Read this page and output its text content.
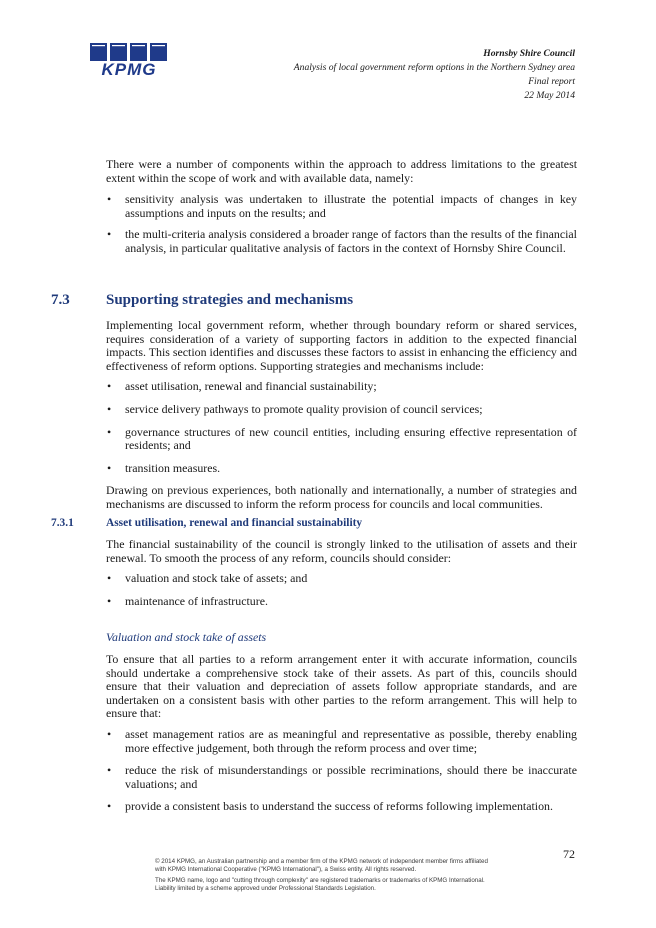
KPMG
Hornsby Shire Council
Analysis of local government reform options in the Northern Sydney area
Final report
22 May 2014

There were a number of components within the approach to address limitations to the greatest extent within the scope of work and with available data, namely:

• sensitivity analysis was undertaken to illustrate the potential impacts of changes in key assumptions and inputs on the results; and
• the multi-criteria analysis considered a broader range of factors than the results of the financial analysis, in particular qualitative analysis of factors in the context of Hornsby Shire Council.
7.3 Supporting strategies and mechanisms

Implementing local government reform, whether through boundary reform or shared services, requires consideration of a variety of supporting factors in addition to the expected financial impacts. This section identifies and discusses these factors to assist in enhancing the efficiency and effectiveness of reform options. Supporting strategies and mechanisms include:

• asset utilisation, renewal and financial sustainability;
• service delivery pathways to promote quality provision of council services;
• governance structures of new council entities, including ensuring effective representation of residents; and
• transition measures.

Drawing on previous experiences, both nationally and internationally, a number of strategies and mechanisms are discussed to inform the reform process for councils and local communities.

7.3.1	Asset utilisation, renewal and financial sustainability

The financial sustainability of the council is strongly linked to the utilisation of assets and their renewal. To smooth the process of any reform, councils should consider:

• valuation and stock take of assets; and
• maintenance of infrastructure.
Valuation and stock take of assets

To ensure that all parties to a reform arrangement enter it with accurate information, councils should undertake a comprehensive stock take of their assets. As part of this, councils should ensure that their valuation and depreciation of assets follow appropriate standards, and are undertaken on a consistent basis with other parties to the reform arrangement. This will help to ensure that:

• asset management ratios are as meaningful and representative as possible, thereby enabling more effective judgement, both through the reform process and over time;
• reduce the risk of misunderstandings or possible recriminations, should there be inaccurate valuations; and
• provide a consistent basis to understand the success of reforms following implementation.
72
© 2014 KPMG, an Australian partnership and a member firm of the KPMG network of independent member firms affiliated
with KPMG International Cooperative ("KPMG International"), a Swiss entity. All rights reserved.
The KPMG name, logo and "cutting through complexity" are registered trademarks or trademarks of KPMG International.
Liability limited by a scheme approved under Professional Standards Legislation.
